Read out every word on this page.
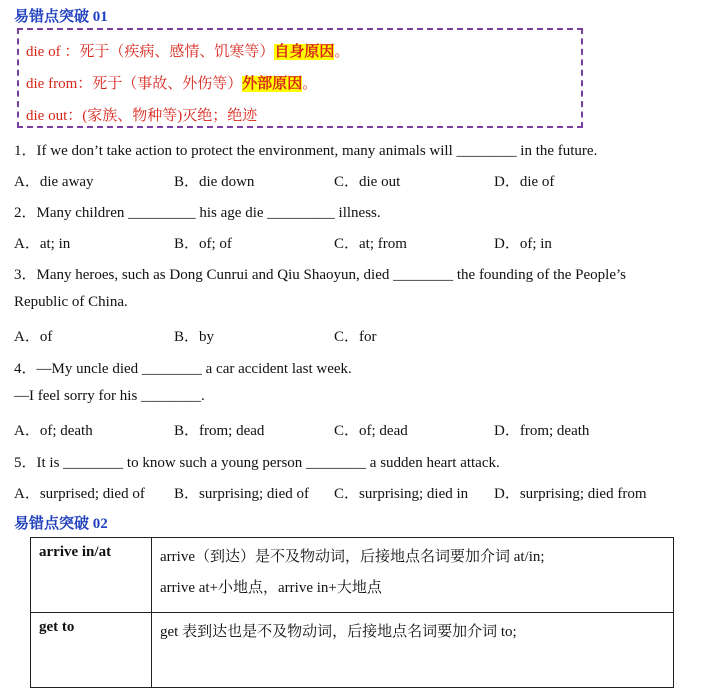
易错点突破 01
die of ：死于（疾病、感情、饥寒等）自身原因。
die from：死于（事故、外伤等）外部原因。
die out：(家族、物种等)灭绝；绝迹
1．If we don’t take action to protect the environment, many animals will ________ in the future.
A．die away	B．die down	C．die out	D．die of
2．Many children _________ his age die _________ illness.
A．at; in	B．of; of	C．at; from	D．of; in
3．Many heroes, such as Dong Cunrui and Qiu Shaoyun, died ________ the founding of the People’s
Republic of China.
A．of	B．by	C．for
4．—My uncle died ________ a car accident last week.
—I feel sorry for his ________.
A．of; death	B．from; dead	C．of; dead	D．from; death
5．It is ________ to know such a young person ________ a sudden heart attack.
A．surprised; died of B．surprising; died of C．surprising; died in D．surprising; died from
易错点突破 02
arrive in/at	arrive（到达）是不及物动词，后接地点名词要加介词 at/in;
arrive at+小地点，arrive in+大地点

get to	get 表到达也是不及物动词，后接地点名词要加介词 to;
